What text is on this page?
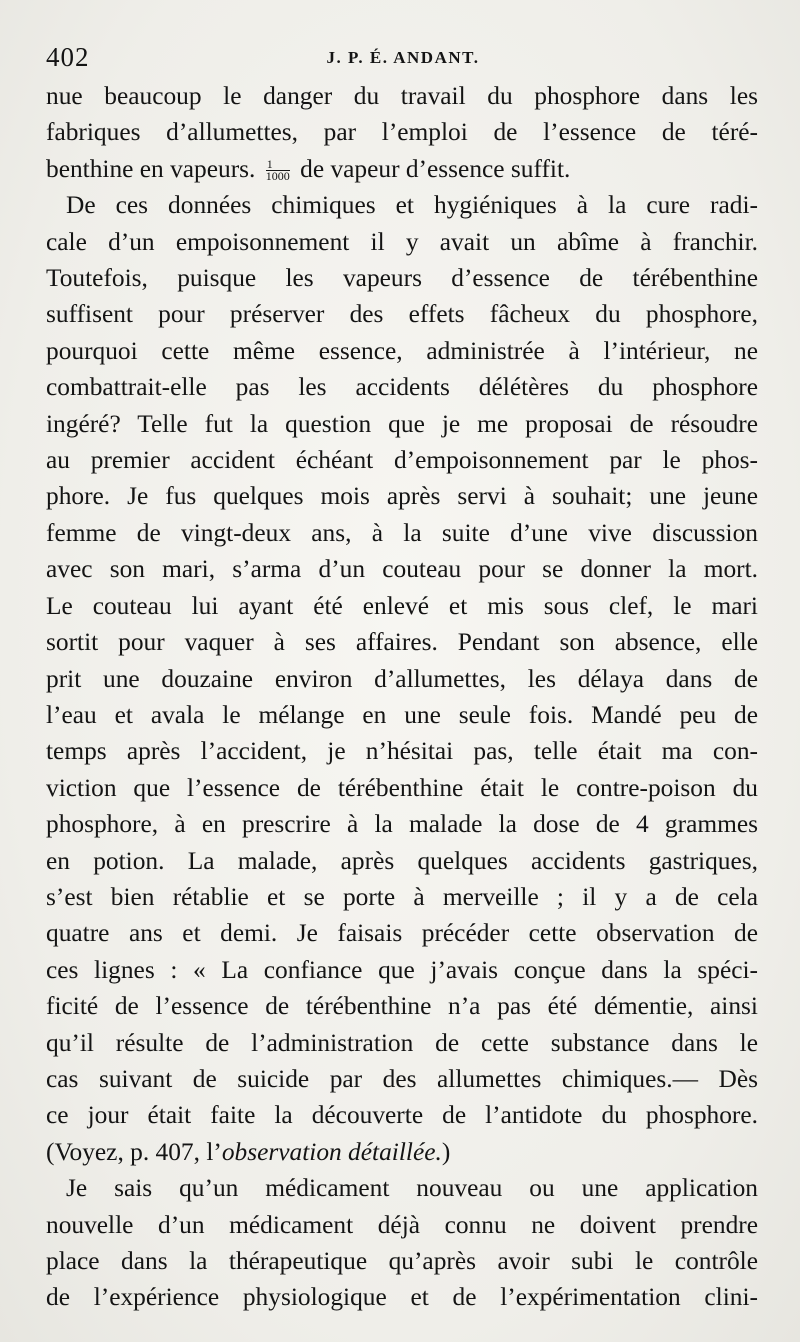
402	J. P. É. ANDANT.
nue beaucoup le danger du travail du phosphore dans les
fabriques d’allumettes, par l’emploi de l’essence de téré-
benthine en vapeurs. $\frac{1}{1000}$ de vapeur d’essence suffit.
De ces données chimiques et hygiéniques à la cure radi-
cale d’un empoisonnement il y avait un abîme à franchir.
Toutefois, puisque les vapeurs d’essence de térébenthine
suffisent pour préserver des effets fâcheux du phosphore,
pourquoi cette même essence, administrée à l’intérieur, ne
combattrait-elle pas les accidents délétères du phosphore
ingéré? Telle fut la question que je me proposai de résoudre
au premier accident échéant d’empoisonnement par le phos-
phore. Je fus quelques mois après servi à souhait; une jeune
femme de vingt-deux ans, à la suite d’une vive discussion
avec son mari, s’arma d’un couteau pour se donner la mort.
Le couteau lui ayant été enlevé et mis sous clef, le mari
sortit pour vaquer à ses affaires. Pendant son absence, elle
prit une douzaine environ d’allumettes, les délaya dans de
l’eau et avala le mélange en une seule fois. Mandé peu de
temps après l’accident, je n’hésitai pas, telle était ma con-
viction que l’essence de térébenthine était le contre-poison du
phosphore, à en prescrire à la malade la dose de 4 grammes
en potion. La malade, après quelques accidents gastriques,
s’est bien rétablie et se porte à merveille ; il y a de cela
quatre ans et demi. Je faisais précéder cette observation de
ces lignes : « La confiance que j’avais conçue dans la spéci-
ficité de l’essence de térébenthine n’a pas été démentie, ainsi
qu’il résulte de l’administration de cette substance dans le
cas suivant de suicide par des allumettes chimiques.— Dès
ce jour était faite la découverte de l’antidote du phosphore.
(Voyez, p. 407, l’observation détaillée.)
Je sais qu’un médicament nouveau ou une application
nouvelle d’un médicament déjà connu ne doivent prendre
place dans la thérapeutique qu’après avoir subi le contrôle
de l’expérience physiologique et de l’expérimentation clini-
